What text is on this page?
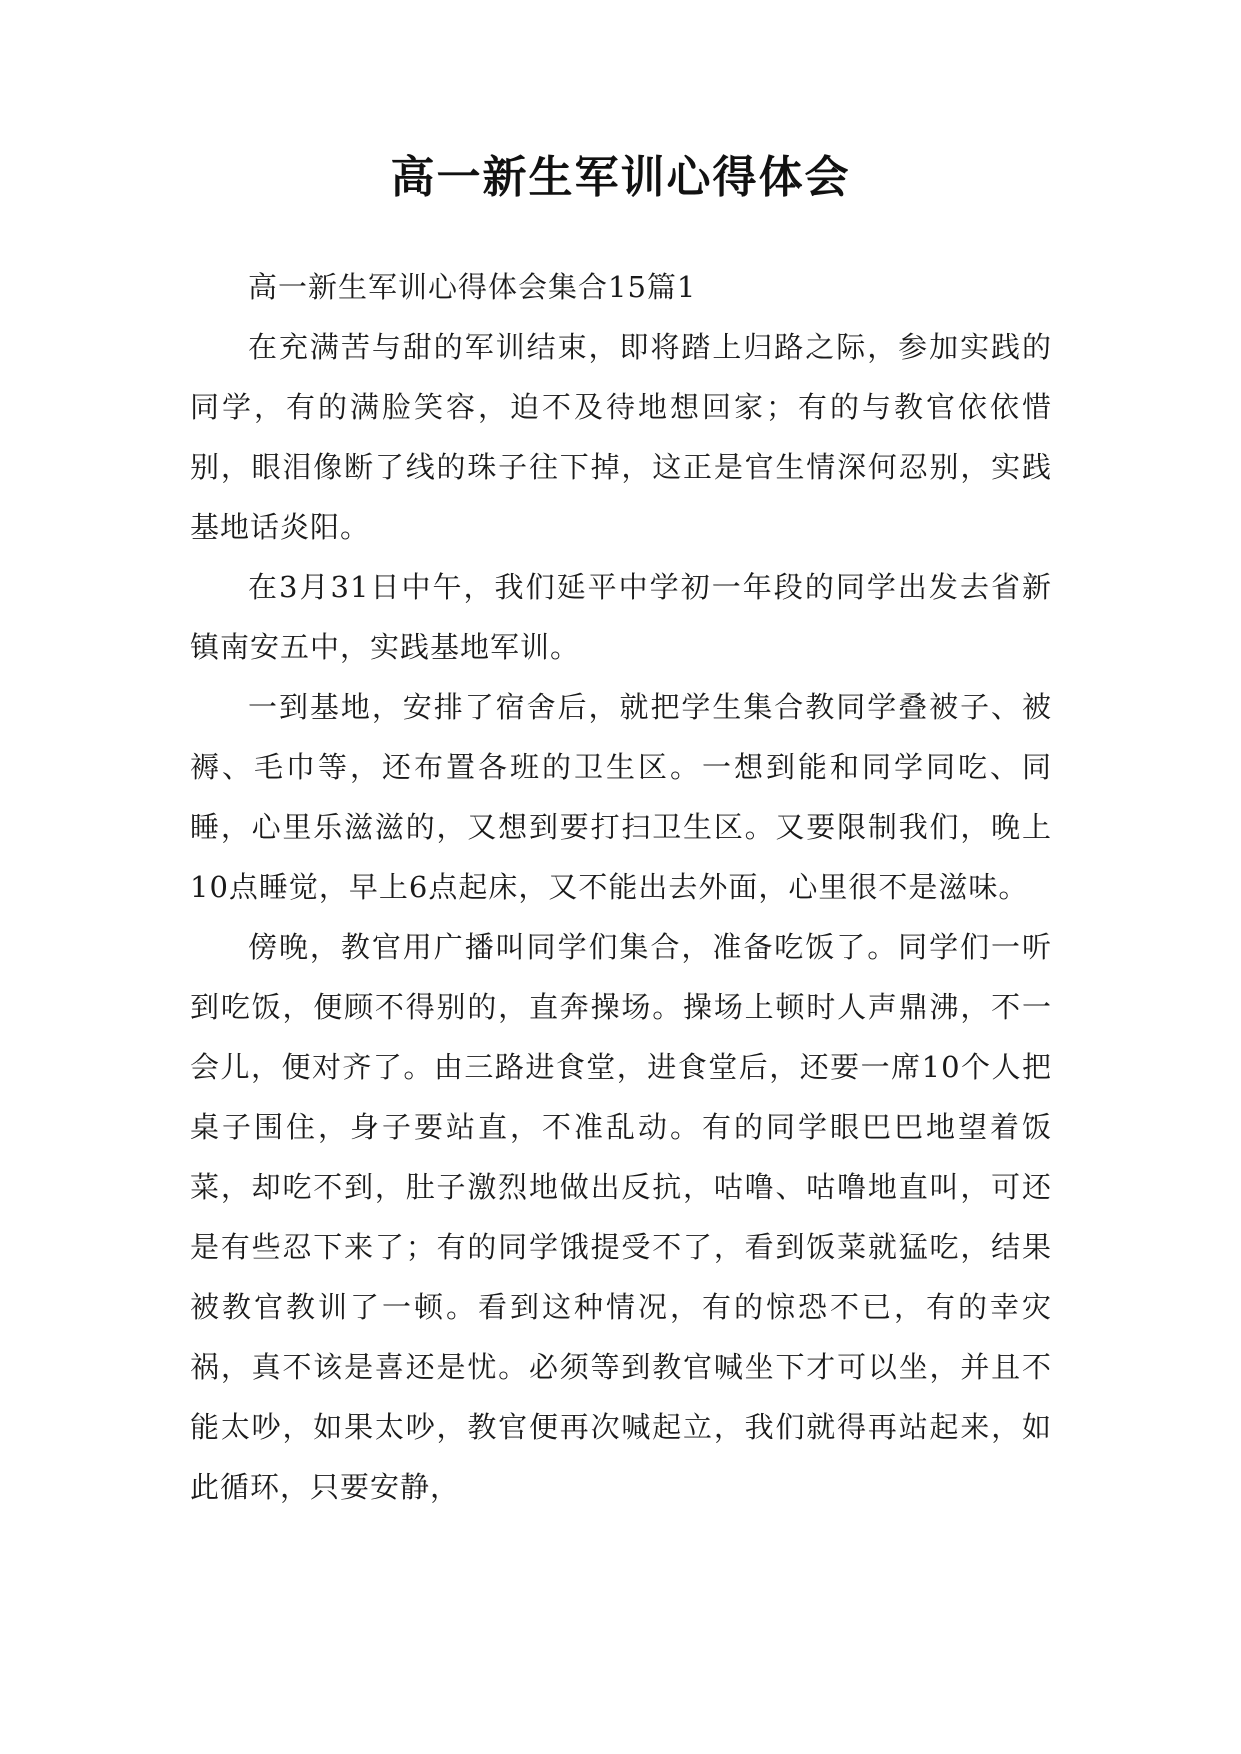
高一新生军训心得体会

高一新生军训心得体会集合15篇1

在充满苦与甜的军训结束，即将踏上归路之际，参加实践的同学，有的满脸笑容，迫不及待地想回家；有的与教官依依惜别，眼泪像断了线的珠子往下掉，这正是官生情深何忍别，实践基地话炎阳。

在3月31日中午，我们延平中学初一年段的同学出发去省新镇南安五中，实践基地军训。

一到基地，安排了宿舍后，就把学生集合教同学叠被子、被褥、毛巾等，还布置各班的卫生区。一想到能和同学同吃、同睡，心里乐滋滋的，又想到要打扫卫生区。又要限制我们，晚上10点睡觉，早上6点起床，又不能出去外面，心里很不是滋味。

傍晚，教官用广播叫同学们集合，准备吃饭了。同学们一听到吃饭，便顾不得别的，直奔操场。操场上顿时人声鼎沸，不一会儿，便对齐了。由三路进食堂，进食堂后，还要一席10个人把桌子围住，身子要站直，不准乱动。有的同学眼巴巴地望着饭菜，却吃不到，肚子激烈地做出反抗，咕噜、咕噜地直叫，可还是有些忍下来了；有的同学饿提受不了，看到饭菜就猛吃，结果被教官教训了一顿。看到这种情况，有的惊恐不已，有的幸灾祸，真不该是喜还是忧。必须等到教官喊坐下才可以坐，并且不能太吵，如果太吵，教官便再次喊起立，我们就得再站起来，如此循环，只要安静，
